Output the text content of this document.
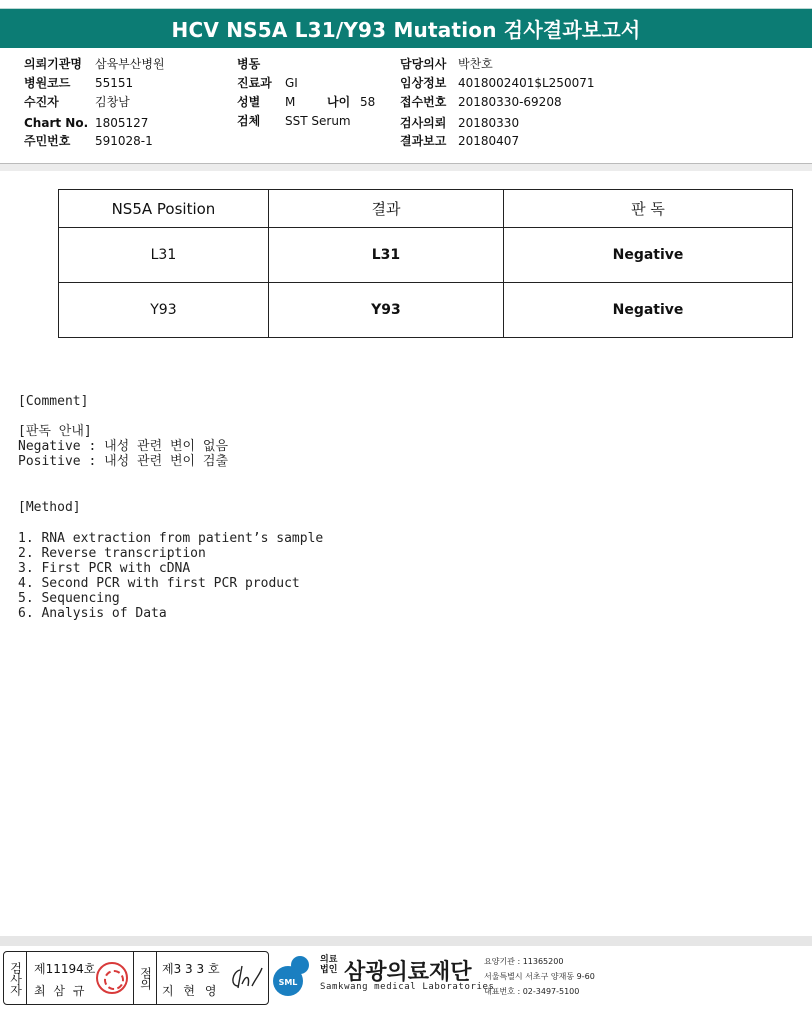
HCV NS5A L31/Y93 Mutation 검사결과보고서
의뢰기관명 삼육부산병원
병원코드 55151
수진자	김창남
Chart No. 1805127
주민번호 591028-1
병동
진료과 GI
성별 M	나이 58
검체 SST Serum
담당의사 박찬호
임상정보 4018002401$L250071
접수번호 20180330-69208
검사의뢰 20180330
결과보고 20180407
NS5A Position	결과	판 독
L31	L31	Negative
Y93	Y93	Negative
[Comment]
[판독 안내]
Negative : 내성 관련 변이 없음
Positive : 내성 관련 변이 검출
[Method]
1. RNA extraction from patient’s sample
2. Reverse transcription
3. First PCR with cDNA
4. Second PCR with first PCR product
5. Sequencing
6. Analysis of Data
검사자 제11194호
최 삼 규
점의 제3 3 3 호
지 현 영
SML
의료법인 삼광의료재단
Samkwang medical Laboratories
요양기관 : 11365200
서울특별시 서초구 양재동 9-60
대표번호 : 02-3497-5100
